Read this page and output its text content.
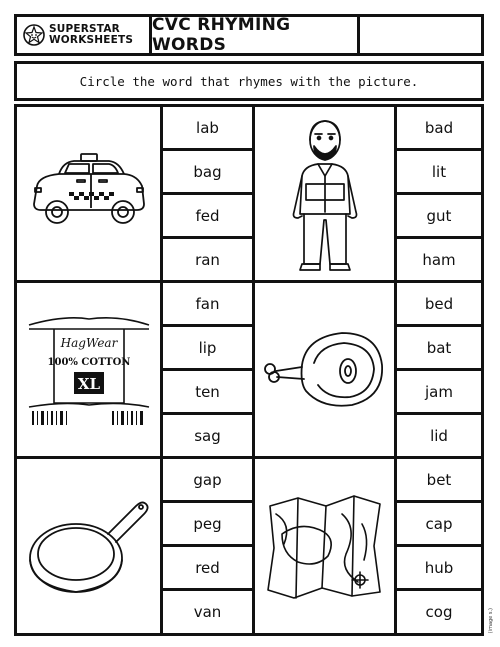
SUPERSTAR
WORKSHEETS
CVC RHYMING WORDS
Circle the word that rhymes with the picture.
lab
bag
fed
ran
bad
lit
gut
ham
HagWear
100% COTTON
XL
fan
lip
ten
sag
bed
bat
jam
lid
gap
peg
red
van
bet
cap
hub
cog	(image s.)
